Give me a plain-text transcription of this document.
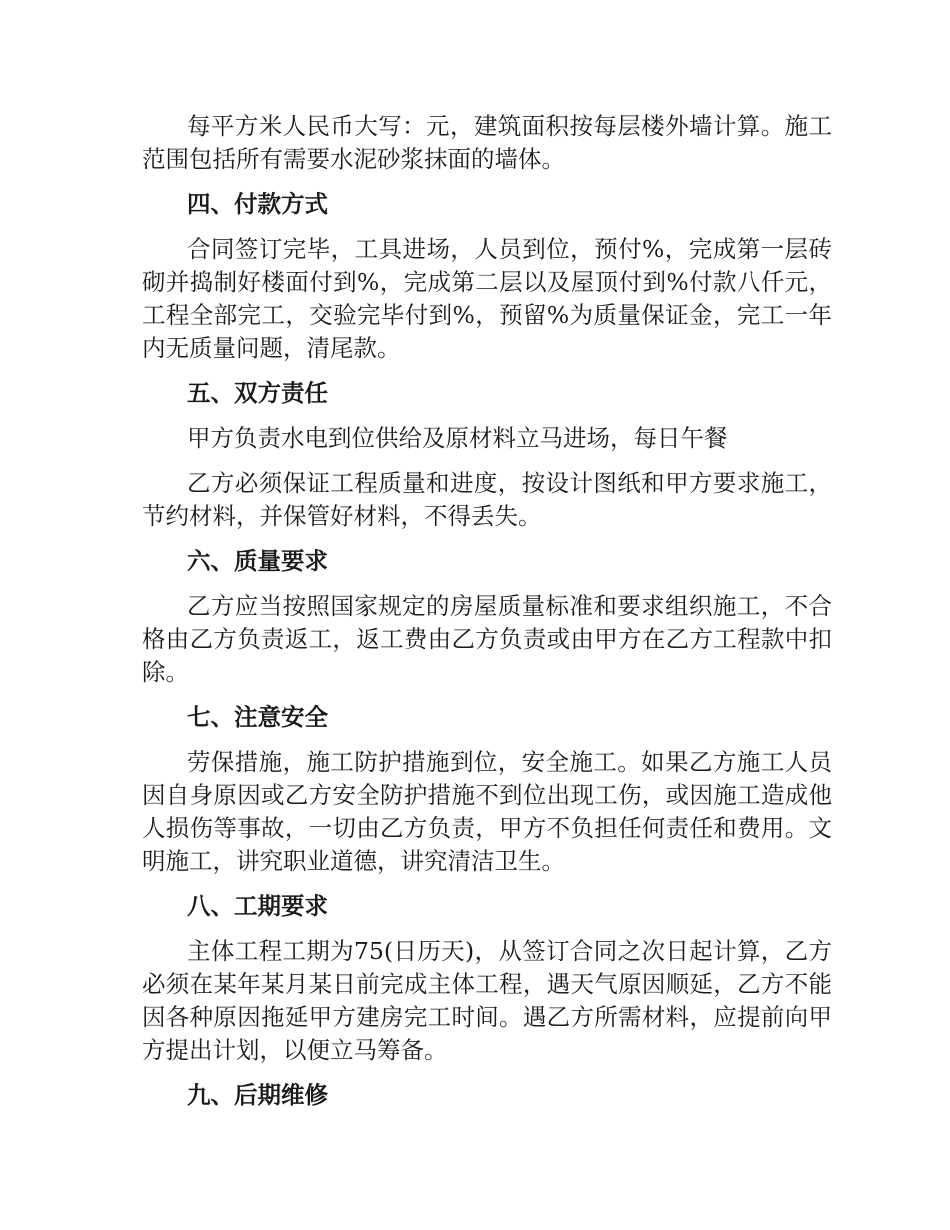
每平方米人民币大写：元，建筑面积按每层楼外墙计算。施工范围包括所有需要水泥砂浆抹面的墙体。

四、付款方式

合同签订完毕，工具进场，人员到位，预付%，完成第一层砖砌并捣制好楼面付到%，完成第二层以及屋顶付到%付款八仟元，工程全部完工，交验完毕付到%，预留%为质量保证金，完工一年内无质量问题，清尾款。

五、双方责任

甲方负责水电到位供给及原材料立马进场，每日午餐

乙方必须保证工程质量和进度，按设计图纸和甲方要求施工，节约材料，并保管好材料，不得丢失。

六、质量要求

乙方应当按照国家规定的房屋质量标准和要求组织施工，不合格由乙方负责返工，返工费由乙方负责或由甲方在乙方工程款中扣除。

七、注意安全

劳保措施，施工防护措施到位，安全施工。如果乙方施工人员因自身原因或乙方安全防护措施不到位出现工伤，或因施工造成他人损伤等事故，一切由乙方负责，甲方不负担任何责任和费用。文明施工，讲究职业道德，讲究清洁卫生。

八、工期要求

主体工程工期为75(日历天)，从签订合同之次日起计算，乙方必须在某年某月某日前完成主体工程，遇天气原因顺延，乙方不能因各种原因拖延甲方建房完工时间。遇乙方所需材料，应提前向甲方提出计划，以便立马筹备。

九、后期维修
